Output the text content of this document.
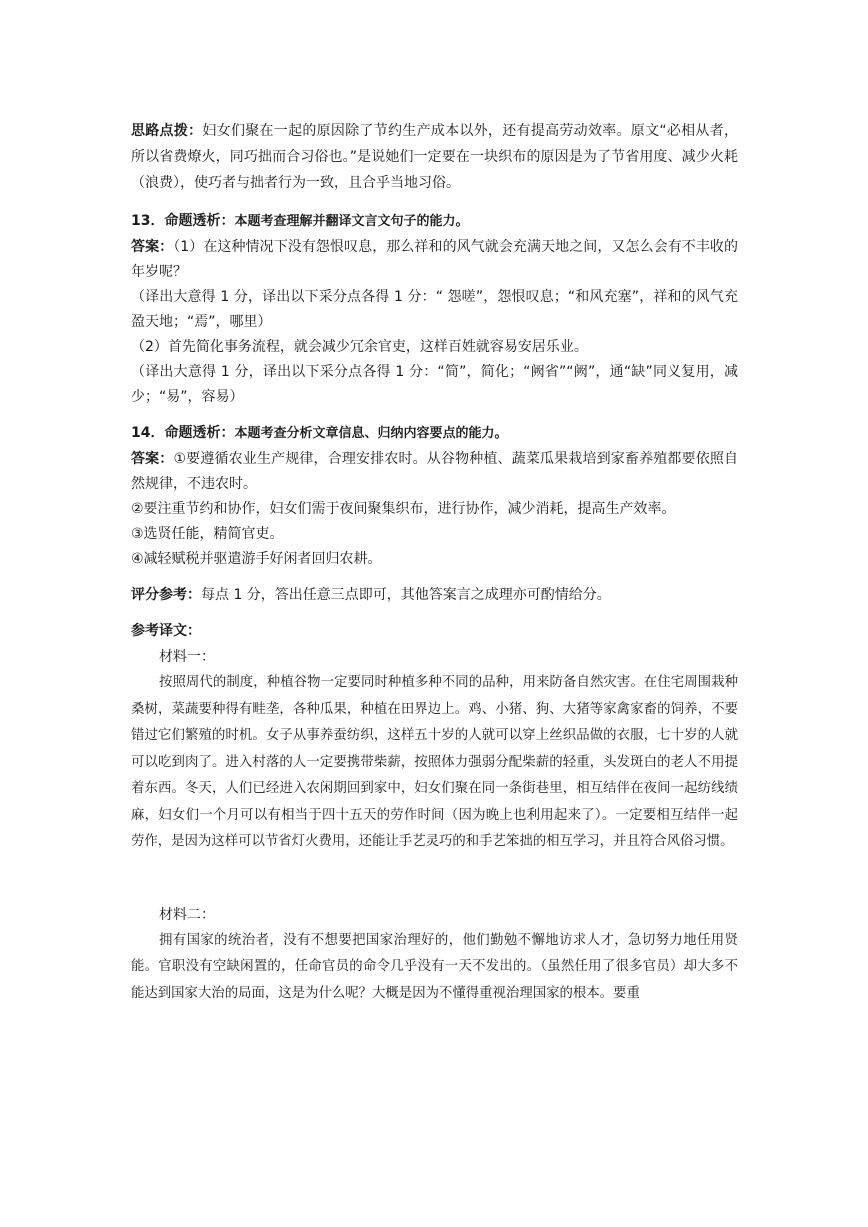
思路点拨：妇女们聚在一起的原因除了节约生产成本以外，还有提高劳动效率。原文“必相从者，所以省费燎火，同巧拙而合习俗也。”是说她们一定要在一块织布的原因是为了节省用度、减少火耗（浪费），使巧者与拙者行为一致，且合乎当地习俗。

13．命题透析：本题考查理解并翻译文言文句子的能力。

答案：（1）在这种情况下没有怨恨叹息，那么祥和的风气就会充满天地之间，又怎么会有不丰收的年岁呢？

（译出大意得 1 分，译出以下采分点各得 1 分：“ 怨嗟”，怨恨叹息；“和风充塞”，祥和的风气充盈天地；“焉”，哪里）

（2）首先简化事务流程，就会减少冗余官吏，这样百姓就容易安居乐业。

（译出大意得 1 分，译出以下采分点各得 1 分：“简”，简化；“阙省”“阙”，通“缺”同义复用，减少；“易”，容易）

14．命题透析：本题考查分析文章信息、归纳内容要点的能力。

答案：①要遵循农业生产规律，合理安排农时。从谷物种植、蔬菜瓜果栽培到家畜养殖都要依照自然规律，不违农时。

②要注重节约和协作，妇女们需于夜间聚集织布，进行协作，减少消耗，提高生产效率。

③选贤任能，精简官吏。

④减轻赋税并驱遣游手好闲者回归农耕。

评分参考：每点 1 分，答出任意三点即可，其他答案言之成理亦可酌情给分。

参考译文：

材料一：

按照周代的制度，种植谷物一定要同时种植多种不同的品种，用来防备自然灾害。在住宅周围栽种桑树，菜蔬要种得有畦垄，各种瓜果，种植在田界边上。鸡、小猪、狗、大猪等家禽家畜的饲养，不要错过它们繁殖的时机。女子从事养蚕纺织，这样五十岁的人就可以穿上丝织品做的衣服，七十岁的人就可以吃到肉了。进入村落的人一定要携带柴薪，按照体力强弱分配柴薪的轻重，头发斑白的老人不用提着东西。冬天，人们已经进入农闲期回到家中，妇女们聚在同一条街巷里，相互结伴在夜间一起纺线绩麻，妇女们一个月可以有相当于四十五天的劳作时间（因为晚上也利用起来了）。一定要相互结伴一起劳作，是因为这样可以节省灯火费用，还能让手艺灵巧的和手艺笨拙的相互学习，并且符合风俗习惯。

材料二：

拥有国家的统治者，没有不想要把国家治理好的，他们勤勉不懈地访求人才，急切努力地任用贤能。官职没有空缺闲置的，任命官员的命令几乎没有一天不发出的。（虽然任用了很多官员）却大多不能达到国家大治的局面，这是为什么呢？大概是因为不懂得重视治理国家的根本。要重
